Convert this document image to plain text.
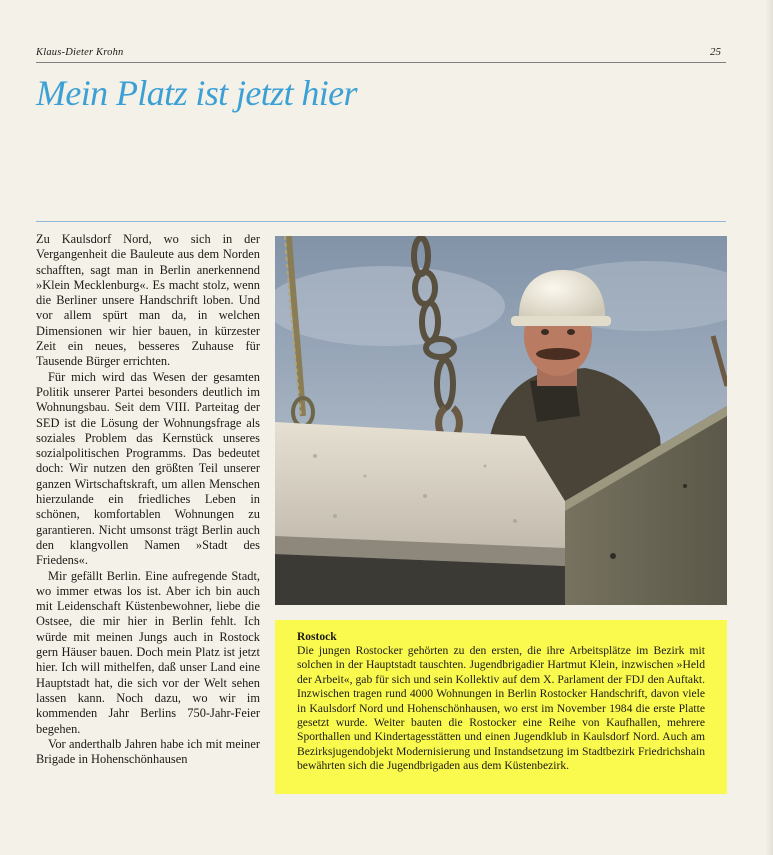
Klaus-Dieter Krohn	25
Mein Platz ist jetzt hier

Zu Kaulsdorf Nord, wo sich in der Vergangenheit die Bauleute aus dem Norden schafften, sagt man in Berlin anerkennend »Klein Mecklenburg«. Es macht stolz, wenn die Berliner unsere Handschrift loben. Und vor allem spürt man da, in welchen Dimensionen wir hier bauen, in kürzester Zeit ein neues, besseres Zuhause für Tausende Bürger errichten.

Für mich wird das Wesen der gesamten Politik unserer Partei besonders deutlich im Wohnungsbau. Seit dem VIII. Parteitag der SED ist die Lösung der Wohnungsfrage als soziales Problem das Kernstück unseres sozialpolitischen Programms. Das bedeutet doch: Wir nutzen den größten Teil unserer ganzen Wirtschaftskraft, um allen Menschen hierzulande ein friedliches Leben in schönen, komfortablen Wohnungen zu garantieren. Nicht umsonst trägt Berlin auch den klangvollen Namen »Stadt des Friedens«.

Mir gefällt Berlin. Eine aufregende Stadt, wo immer etwas los ist. Aber ich bin auch mit Leidenschaft Küstenbewohner, liebe die Ostsee, die mir hier in Berlin fehlt. Ich würde mit meinen Jungs auch in Rostock gern Häuser bauen. Doch mein Platz ist jetzt hier. Ich will mithelfen, daß unser Land eine Hauptstadt hat, die sich vor der Welt sehen lassen kann. Noch dazu, wo wir im kommenden Jahr Berlins 750-Jahr-Feier begehen.

Vor anderthalb Jahren habe ich mit meiner Brigade in Hohenschönhausen

Rostock

Die jungen Rostocker gehörten zu den ersten, die ihre Arbeitsplätze im Bezirk mit solchen in der Hauptstadt tauschten. Jugendbrigadier Hartmut Klein, inzwischen »Held der Arbeit«, gab für sich und sein Kollektiv auf dem X. Parlament der FDJ den Auftakt. Inzwischen tragen rund 4000 Wohnungen in Berlin Rostocker Handschrift, davon viele in Kaulsdorf Nord und Hohenschönhausen, wo erst im November 1984 die erste Platte gesetzt wurde. Weiter bauten die Rostocker eine Reihe von Kaufhallen, mehrere Sporthallen und Kindertagesstätten und einen Jugendklub in Kaulsdorf Nord. Auch am Bezirksjugendobjekt Modernisierung und Instandsetzung im Stadtbezirk Friedrichshain bewährten sich die Jugendbrigaden aus dem Küstenbezirk.
